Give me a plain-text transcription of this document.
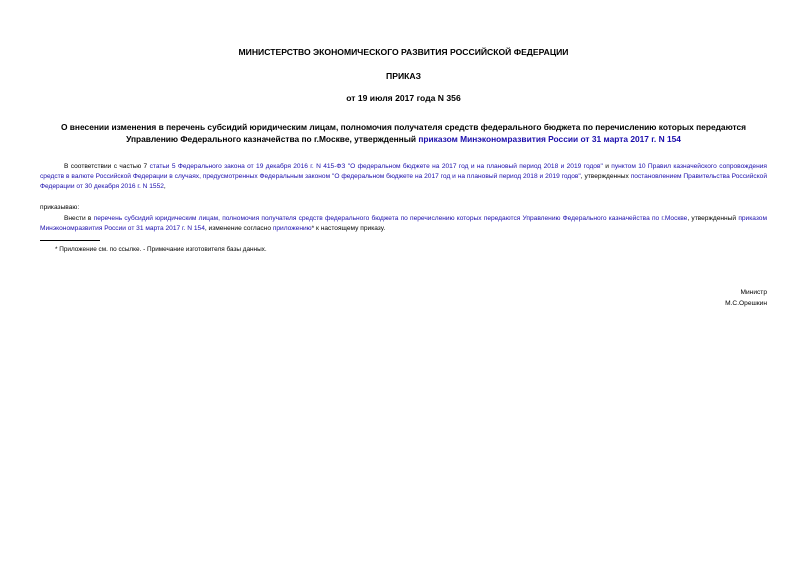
МИНИСТЕРСТВО ЭКОНОМИЧЕСКОГО РАЗВИТИЯ РОССИЙСКОЙ ФЕДЕРАЦИИ
ПРИКАЗ
от 19 июля 2017 года N 356
О внесении изменения в перечень субсидий юридическим лицам, полномочия получателя средств федерального бюджета по перечислению которых передаются Управлению Федерального казначейства по г.Москве, утвержденный приказом Минэкономразвития России от 31 марта 2017 г. N 154
В соответствии с частью 7 статьи 5 Федерального закона от 19 декабря 2016 г. N 415-ФЗ "О федеральном бюджете на 2017 год и на плановый период 2018 и 2019 годов" и пунктом 10 Правил казначейского сопровождения средств в валюте Российской Федерации в случаях, предусмотренных Федеральным законом "О федеральном бюджете на 2017 год и на плановый период 2018 и 2019 годов", утвержденных постановлением Правительства Российской Федерации от 30 декабря 2016 г. N 1552,
приказываю:
Внести в перечень субсидий юридическим лицам, полномочия получателя средств федерального бюджета по перечислению которых передаются Управлению Федерального казначейства по г.Москве, утвержденный приказом Минэкономразвития России от 31 марта 2017 г. N 154, изменение согласно приложению* к настоящему приказу.
* Приложение см. по ссылке. - Примечание изготовителя базы данных.
Министр
М.С.Орешкин
